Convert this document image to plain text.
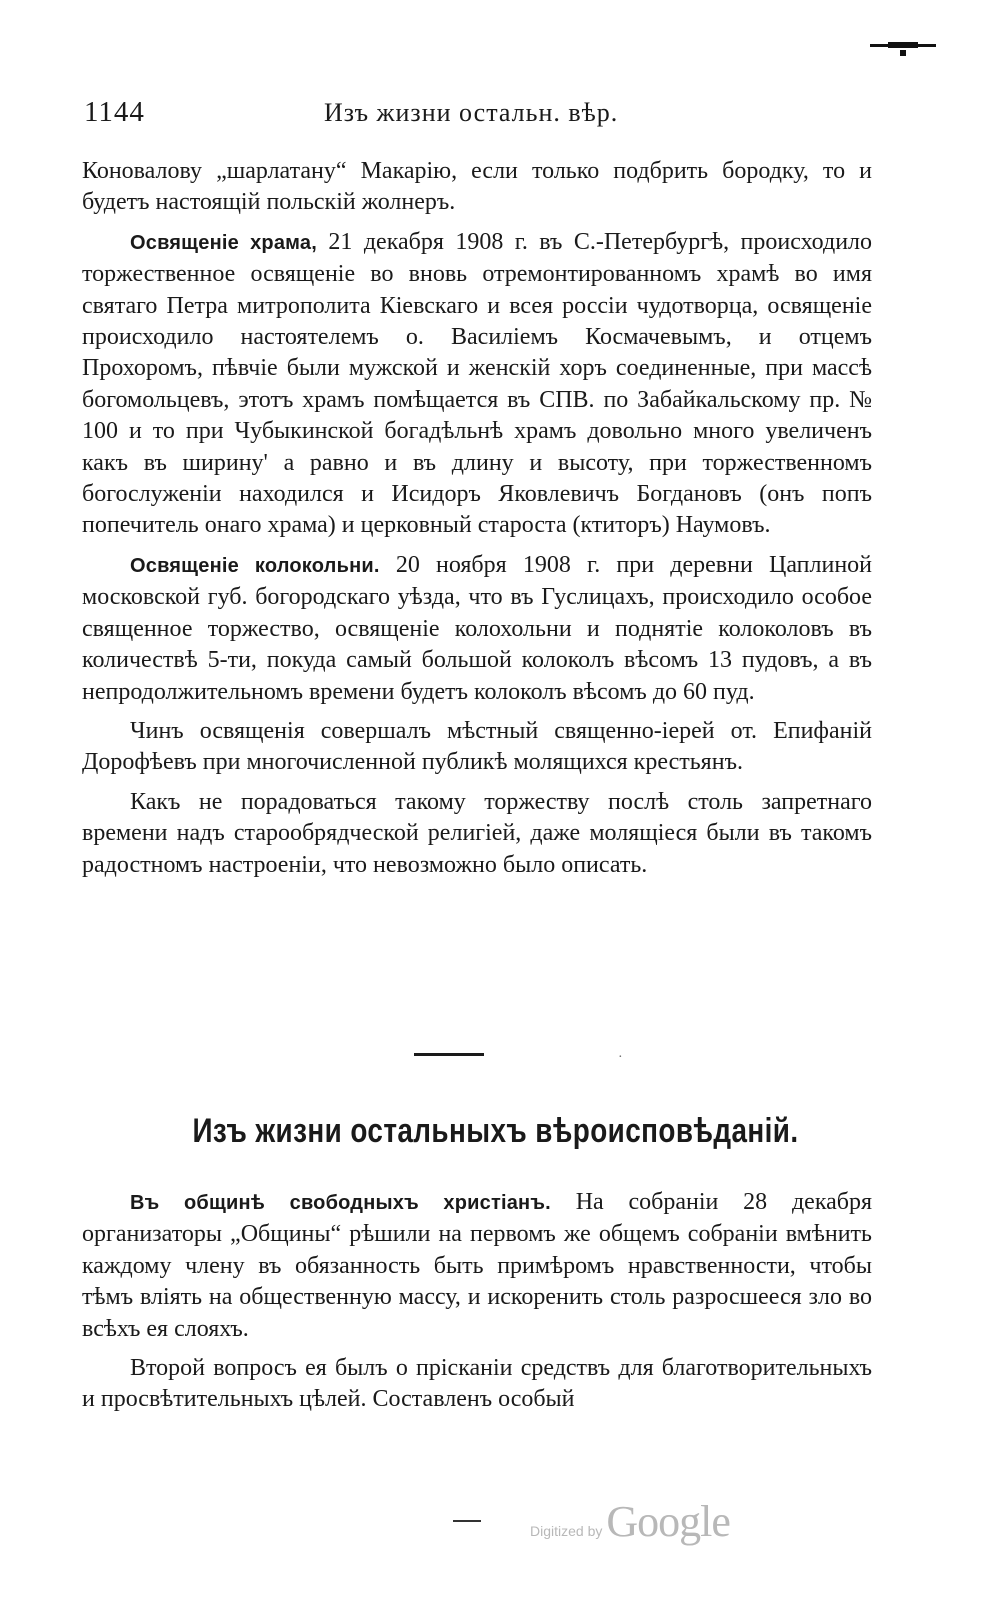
1144	Изъ жизни остальн. вѣр.

Коновалову „шарлатану“ Макарію, если только подбрить бородку, то и будетъ настоящій польскій жолнеръ.

Освященіе храма, 21 декабря 1908 г. въ С.-Петербургѣ, происходило торжественное освященіе во вновь отремонтированномъ храмѣ во имя святаго Петра митрополита Кіевскаго и всея россіи чудотворца, освященіе происходило настоятелемъ о. Василіемъ Космачевымъ, и отцемъ Прохоромъ, пѣвчіе были мужской и женскій хоръ соединенные, при массѣ богомольцевъ, этотъ храмъ помѣщается въ СПВ. по Забайкальскому пр. № 100 и то при Чубыкинской богадѣльнѣ храмъ довольно много увеличенъ какъ въ ширину' а равно и въ длину и высоту, при торжественномъ богослуженіи находился и Исидоръ Яковлевичъ Богдановъ (онъ попъ попечитель онаго храма) и церковный староста (ктиторъ) Наумовъ.

Освященіе колокольни. 20 ноября 1908 г. при деревни Цаплиной московской губ. богородскаго уѣзда, что въ Гуслицахъ, происходило особое священное торжество, освященіе колохольни и поднятіе колоколовъ въ количествѣ 5-ти, покуда самый большой колоколъ вѣсомъ 13 пудовъ, а въ непродолжительномъ времени будетъ колоколъ вѣсомъ до 60 пуд.

Чинъ освященія совершалъ мѣстный священно-іерей от. Епифаній Дорофѣевъ при многочисленной публикѣ молящихся крестьянъ.

Какъ не порадоваться такому торжеству послѣ столь запретнаго времени надъ старообрядческой религіей, даже молящіеся были въ такомъ радостномъ настроеніи, что невозможно было описать.

·
Изъ жизни остальныхъ вѣроисповѣданій.

Въ общинѣ свободныхъ христіанъ. На собраніи 28 декабря организаторы „Общины“ рѣшили на первомъ же общемъ собраніи вмѣнить каждому члену въ обязанность быть примѣромъ нравственности, чтобы тѣмъ вліять на общественную массу, и искоренить столь разросшееся зло во всѣхъ ея слояхъ.

Второй вопросъ ея былъ о прісканіи средствъ для благотворительныхъ и просвѣтительныхъ цѣлей. Составленъ особый

Digitized by Google
